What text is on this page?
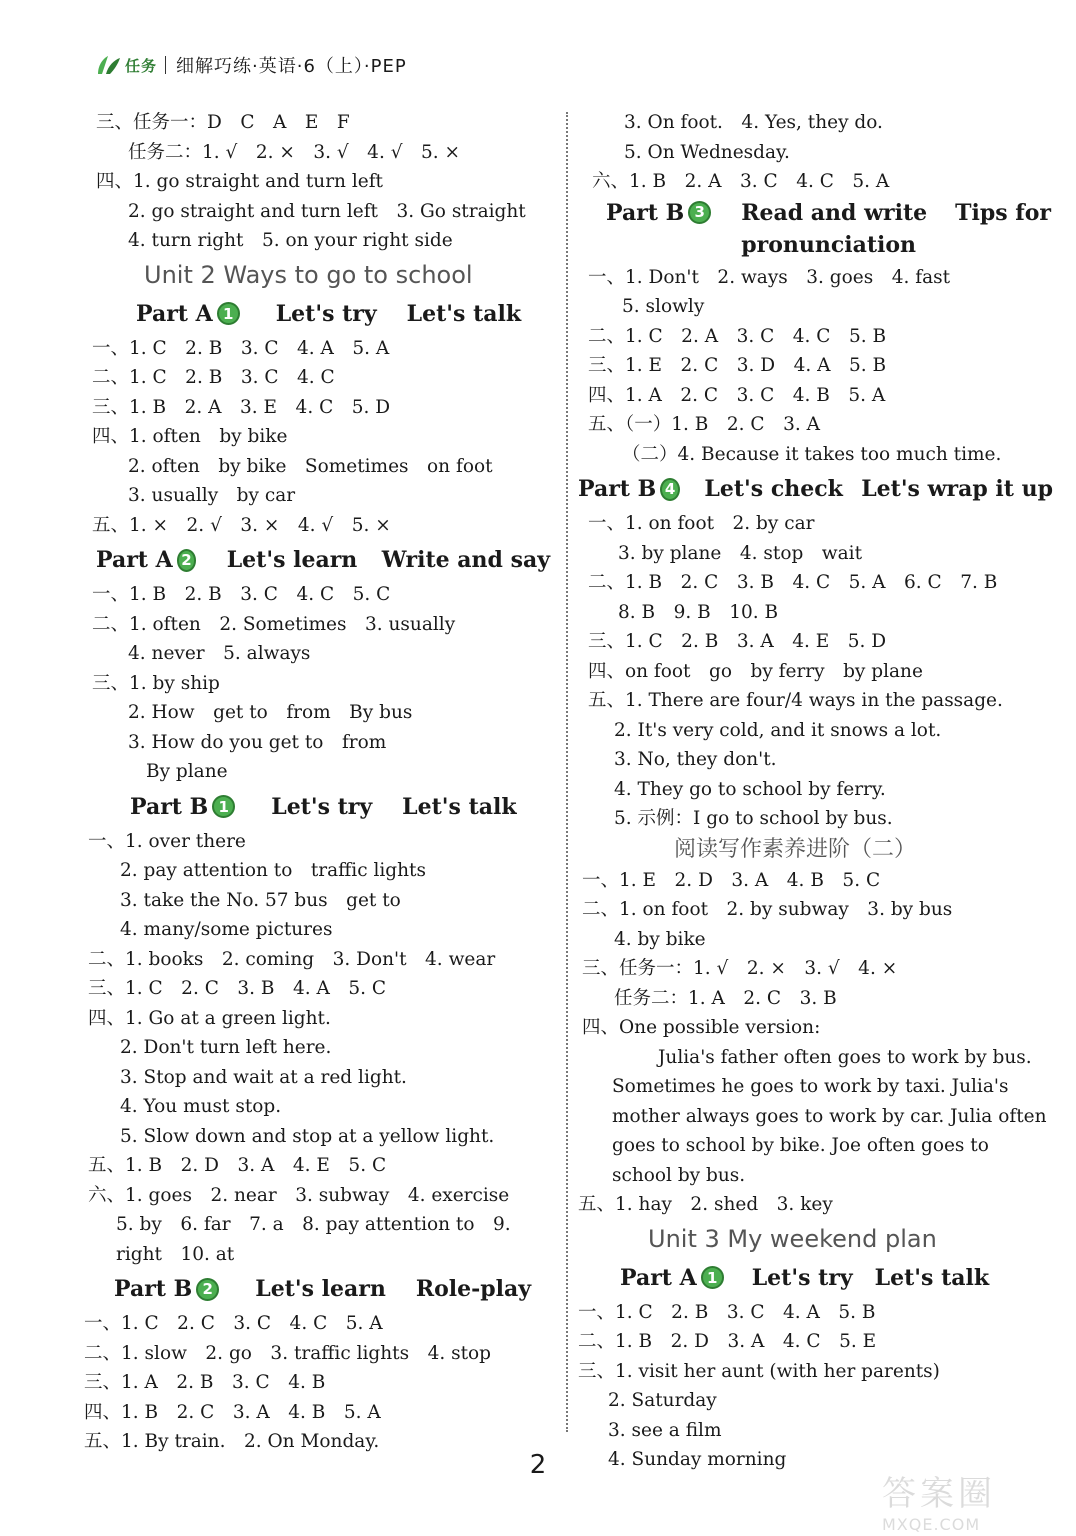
任务 细解巧练·英语·6（上）·PEP
三、任务一：D　C　A　E　F
任务二：1. √　2. ×　3. √　4. √　5. ×
四、1. go straight and turn left
2. go straight and turn left　3. Go straight
4. turn right　5. on your right side
Unit 2 Ways to go to school
Part A 1 Let's try Let's talk
一、1. C　2. B　3. C　4. A　5. A
二、1. C　2. B　3. C　4. C
三、1. B　2. A　3. E　4. C　5. D
四、1. often　by bike
2. often　by bike　Sometimes　on foot
3. usually　by car
五、1. ×　2. √　3. ×　4. √　5. ×
Part A 2 Let's learn Write and say
一、1. B　2. B　3. C　4. C　5. C
二、1. often　2. Sometimes　3. usually
4. never　5. always
三、1. by ship
2. How　get to　from　By bus
3. How do you get to　from
By plane
Part B 1 Let's try Let's talk
一、1. over there
2. pay attention to　traffic lights
3. take the No. 57 bus　get to
4. many/some pictures
二、1. books　2. coming　3. Don't　4. wear
三、1. C　2. C　3. B　4. A　5. C
四、1. Go at a green light.
2. Don't turn left here.
3. Stop and wait at a red light.
4. You must stop.
5. Slow down and stop at a yellow light.
五、1. B　2. D　3. A　4. E　5. C
六、1. goes　2. near　3. subway　4. exercise
5. by　6. far　7. a　8. pay attention to　9.
right　10. at
Part B 2 Let's learn Role-play
一、1. C　2. C　3. C　4. C　5. A
二、1. slow　2. go　3. traffic lights　4. stop
三、1. A　2. B　3. C　4. B
四、1. B　2. C　3. A　4. B　5. A
五、1. By train.　2. On Monday.
3. On foot.　4. Yes, they do.
5. On Wednesday.
六、1. B　2. A　3. C　4. C　5. A
Part B 3 Read and write Tips for
pronunciation
一、1. Don't　2. ways　3. goes　4. fast
5. slowly
二、1. C　2. A　3. C　4. C　5. B
三、1. E　2. C　3. D　4. A　5. B
四、1. A　2. C　3. C　4. B　5. A
五、（一）1. B　2. C　3. A
（二）4. Because it takes too much time.
Part B 4 Let's check Let's wrap it up
一、1. on foot　2. by car
3. by plane　4. stop　wait
二、1. B　2. C　3. B　4. C　5. A　6. C　7. B
8. B　9. B　10. B
三、1. C　2. B　3. A　4. E　5. D
四、on foot　go　by ferry　by plane
五、1. There are four/4 ways in the passage.
2. It's very cold, and it snows a lot.
3. No, they don't.
4. They go to school by ferry.
5. 示例：I go to school by bus.
阅读写作素养进阶（二）
一、1. E　2. D　3. A　4. B　5. C
二、1. on foot　2. by subway　3. by bus
4. by bike
三、任务一：1. √　2. ×　3. √　4. ×
任务二：1. A　2. C　3. B
四、One possible version:
Julia's father often goes to work by bus.
Sometimes he goes to work by taxi. Julia's
mother always goes to work by car. Julia often
goes to school by bike. Joe often goes to
school by bus.
五、1. hay　2. shed　3. key
Unit 3 My weekend plan
Part A 1 Let's try Let's talk
一、1. C　2. B　3. C　4. A　5. B
二、1. B　2. D　3. A　4. C　5. E
三、1. visit her aunt (with her parents)
2. Saturday
3. see a film
4. Sunday morning
2
答案圈
MXQE.COM
